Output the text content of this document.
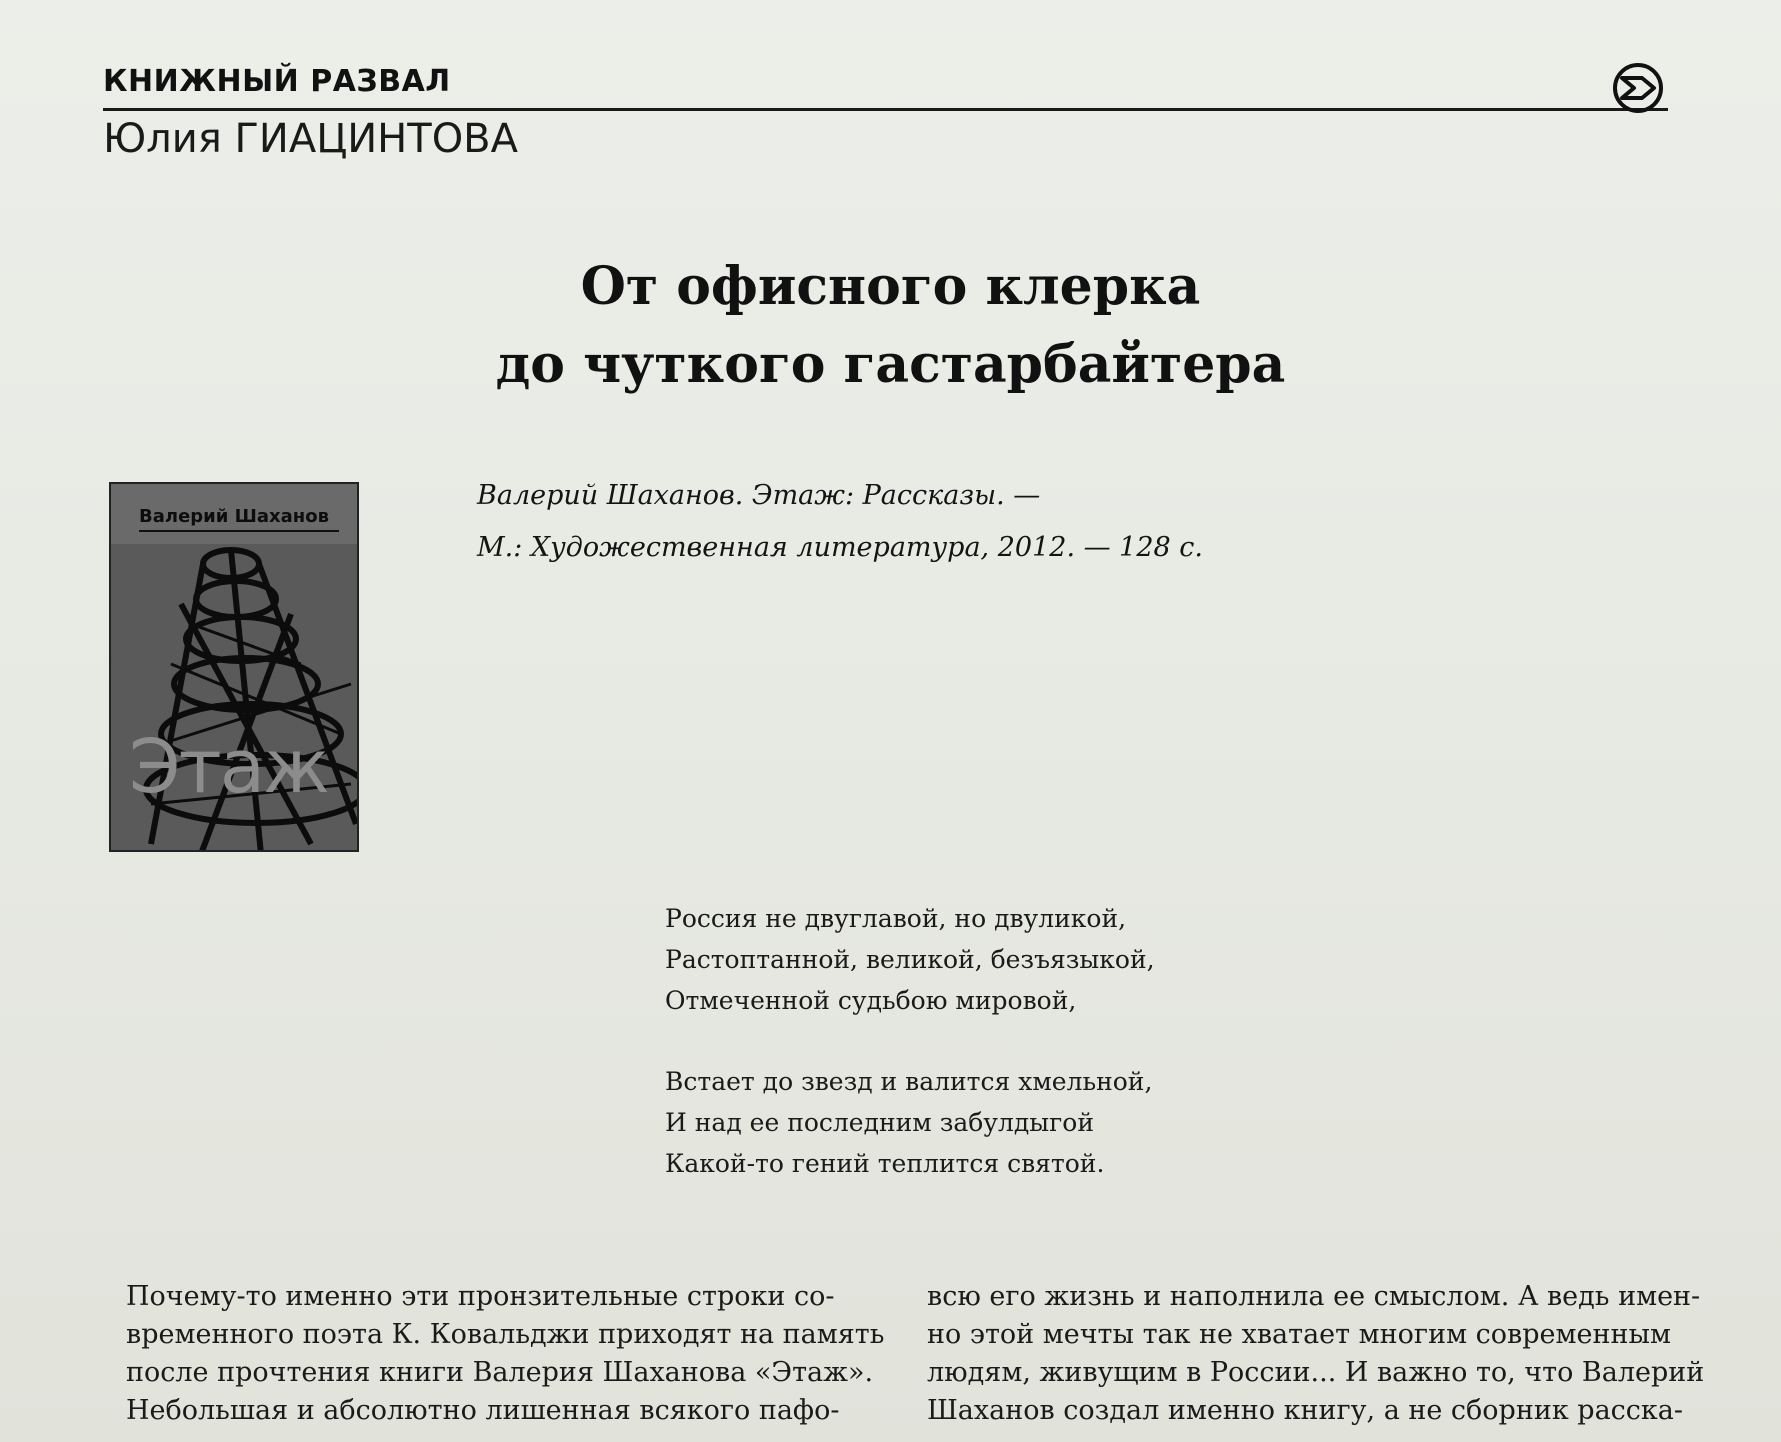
КНИЖНЫЙ РАЗВАЛ
Юлия ГИАЦИНТОВА
От офисного клерка
до чуткого гастарбайтера
Валерий Шаханов
Этаж
Валерий Шаханов. Этаж: Рассказы. —
М.: Художественная литература, 2012. — 128 с.
Россия не двуглавой, но двуликой,
Растоптанной, великой, безъязыкой,
Отмеченной судьбою мировой,
Встает до звезд и валится хмельной,
И над ее последним забулдыгой
Какой-то гений теплится святой.
Почему-то именно эти пронзительные строки со-
временного поэта К. Ковальджи приходят на память
после прочтения книги Валерия Шаханова «Этаж».
Небольшая и абсолютно лишенная всякого пафо-
всю его жизнь и наполнила ее смыслом. А ведь имен-
но этой мечты так не хватает многим современным
людям, живущим в России... И важно то, что Валерий
Шаханов создал именно книгу, а не сборник расска-
